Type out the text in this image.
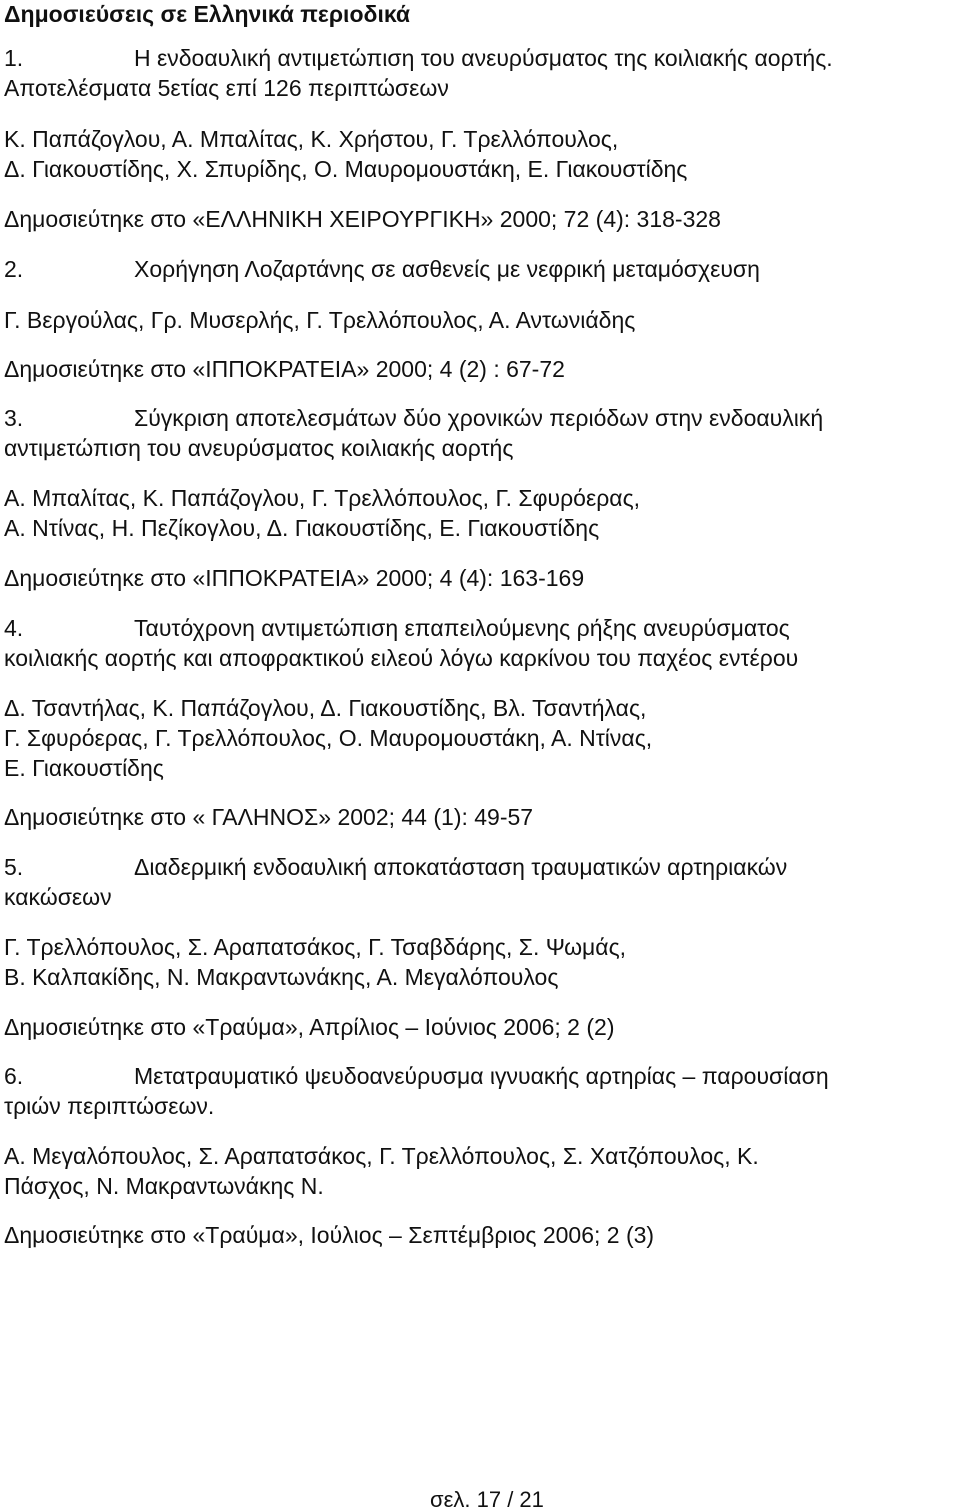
Δημοσιεύσεις σε Ελληνικά περιοδικά
1.	Η ενδοαυλική αντιμετώπιση του ανευρύσματος της κοιλιακής αορτής.
Αποτελέσματα 5ετίας επί 126 περιπτώσεων
Κ. Παπάζογλου, Α. Μπαλίτας, Κ. Χρήστου, Γ. Τρελλόπουλος,
Δ. Γιακουστίδης, Χ. Σπυρίδης, Ο. Μαυρομουστάκη, Ε. Γιακουστίδης
Δημοσιεύτηκε στο «ΕΛΛΗΝΙΚΗ ΧΕΙΡΟΥΡΓΙΚΗ» 2000; 72 (4): 318-328
2.	Χορήγηση Λοζαρτάνης σε ασθενείς με νεφρική μεταμόσχευση
Γ. Βεργούλας, Γρ. Μυσερλής, Γ. Τρελλόπουλος, Α. Αντωνιάδης
Δημοσιεύτηκε στο «ΙΠΠΟΚΡΑΤΕΙΑ» 2000; 4 (2) : 67-72
3.	Σύγκριση αποτελεσμάτων δύο χρονικών περιόδων στην ενδοαυλική
αντιμετώπιση του ανευρύσματος κοιλιακής αορτής
Α. Μπαλίτας, Κ. Παπάζογλου, Γ. Τρελλόπουλος, Γ. Σφυρόερας,
Α. Ντίνας, Η. Πεζίκογλου, Δ. Γιακουστίδης, Ε. Γιακουστίδης
Δημοσιεύτηκε στο «ΙΠΠΟΚΡΑΤΕΙΑ» 2000; 4 (4): 163-169
4.	Ταυτόχρονη αντιμετώπιση επαπειλούμενης ρήξης ανευρύσματος
κοιλιακής αορτής και αποφρακτικού ειλεού λόγω καρκίνου του παχέος εντέρου
Δ. Τσαντήλας, Κ. Παπάζογλου, Δ. Γιακουστίδης, Βλ. Τσαντήλας,
Γ. Σφυρόερας, Γ. Τρελλόπουλος, Ο. Μαυρομουστάκη, Α. Ντίνας,
Ε. Γιακουστίδης
Δημοσιεύτηκε στο « ΓΑΛΗΝΟΣ» 2002; 44 (1): 49-57
5.	Διαδερμική ενδοαυλική αποκατάσταση τραυματικών αρτηριακών
κακώσεων
Γ. Τρελλόπουλος, Σ. Αραπατσάκος, Γ. Τσαβδάρης, Σ. Ψωμάς,
Β. Καλπακίδης, Ν. Μακραντωνάκης, Α. Μεγαλόπουλος
Δημοσιεύτηκε στο «Τραύμα», Απρίλιος – Ιούνιος 2006; 2 (2)
6.	Μετατραυματικό ψευδοανεύρυσμα ιγνυακής αρτηρίας – παρουσίαση
τριών περιπτώσεων.
Α. Μεγαλόπουλος, Σ. Αραπατσάκος, Γ. Τρελλόπουλος, Σ. Χατζόπουλος, Κ.
Πάσχος, Ν. Μακραντωνάκης Ν.
Δημοσιεύτηκε στο «Τραύμα», Ιούλιος – Σεπτέμβριος 2006; 2 (3)
σελ. 17 / 21
